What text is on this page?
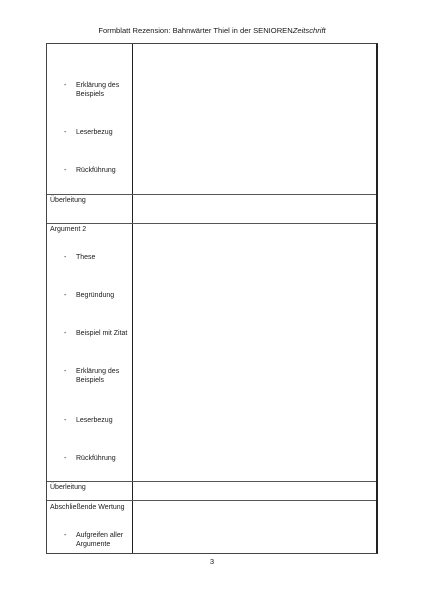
Formblatt Rezension: Bahnwärter Thiel in der SENIORENZeitschrift
- Erklärung des
Beispiels
- Leserbezug
- Rückführung
Überleitung
Argument 2
- These
- Begründung
- Beispiel mit Zitat
- Erklärung des
Beispiels
- Leserbezug
- Rückführung
Überleitung
Abschließende Wertung
- Aufgreifen aller
Argumente
3
